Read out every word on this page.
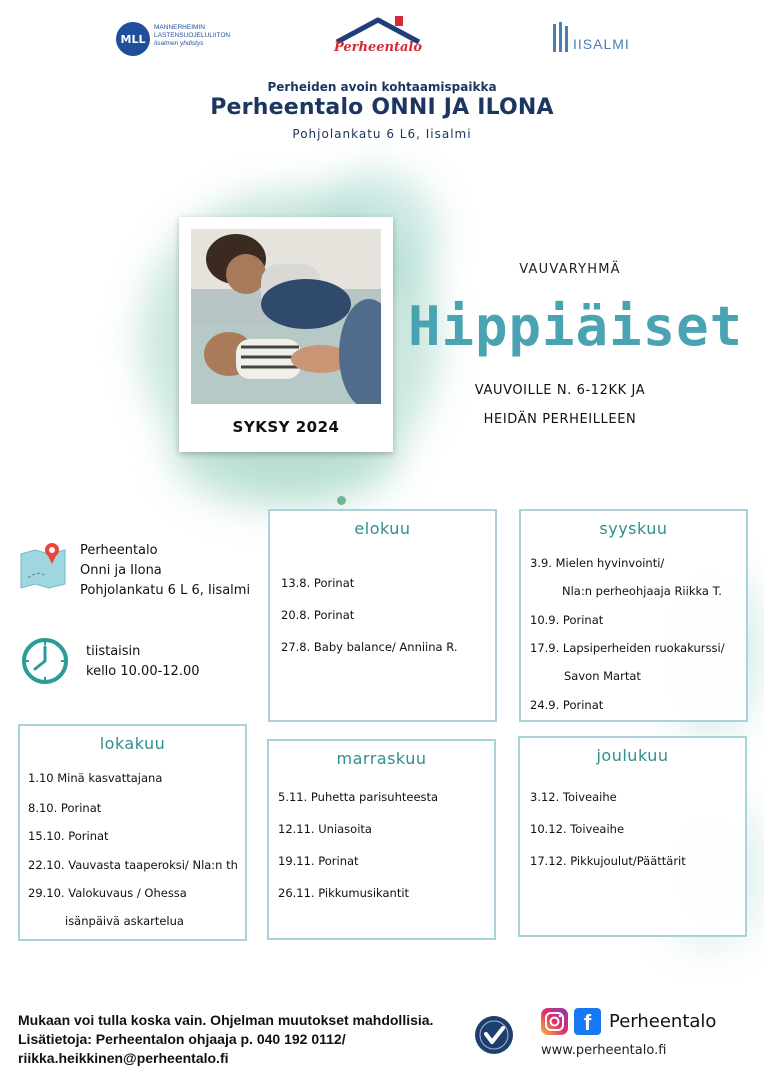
MLL
MANNERHEIMIN
LASTENSUOJELULIITON
Iisalmen yhdistys	Perheentalo	IISALMI
Perheiden avoin kohtaamispaikka
Perheentalo ONNI JA ILONA
Pohjolankatu 6 L6, Iisalmi
SYKSY 2024
VAUVARYHMÄ
Hippiäiset
VAUVOILLE N. 6-12KK JA
HEIDÄN PERHEILLEEN
Perheentalo
Onni ja Ilona
Pohjolankatu 6 L 6, Iisalmi
tiistaisin
kello 10.00-12.00
elokuu
13.8. Porinat
20.8. Porinat
27.8. Baby balance/ Anniina R.
syyskuu
3.9. Mielen hyvinvointi/
Nla:n perheohjaaja Riikka T.
10.9. Porinat
17.9. Lapsiperheiden ruokakurssi/
Savon Martat
24.9. Porinat
lokakuu
1.10 Minä kasvattajana
8.10. Porinat
15.10. Porinat
22.10. Vauvasta taaperoksi/ Nla:n th
29.10. Valokuvaus / Ohessa
isänpäivä askartelua
marraskuu
5.11. Puhetta parisuhteesta
12.11. Uniasoita
19.11. Porinat
26.11. Pikkumusikantit
joulukuu
3.12. Toiveaihe
10.12. Toiveaihe
17.12. Pikkujoulut/Päättärit
Mukaan voi tulla koska vain. Ohjelman muutokset mahdollisia.
Lisätietoja: Perheentalon ohjaaja p. 040 192 0112/
riikka.heikkinen@perheentalo.fi
f Perheentalo
www.perheentalo.fi
